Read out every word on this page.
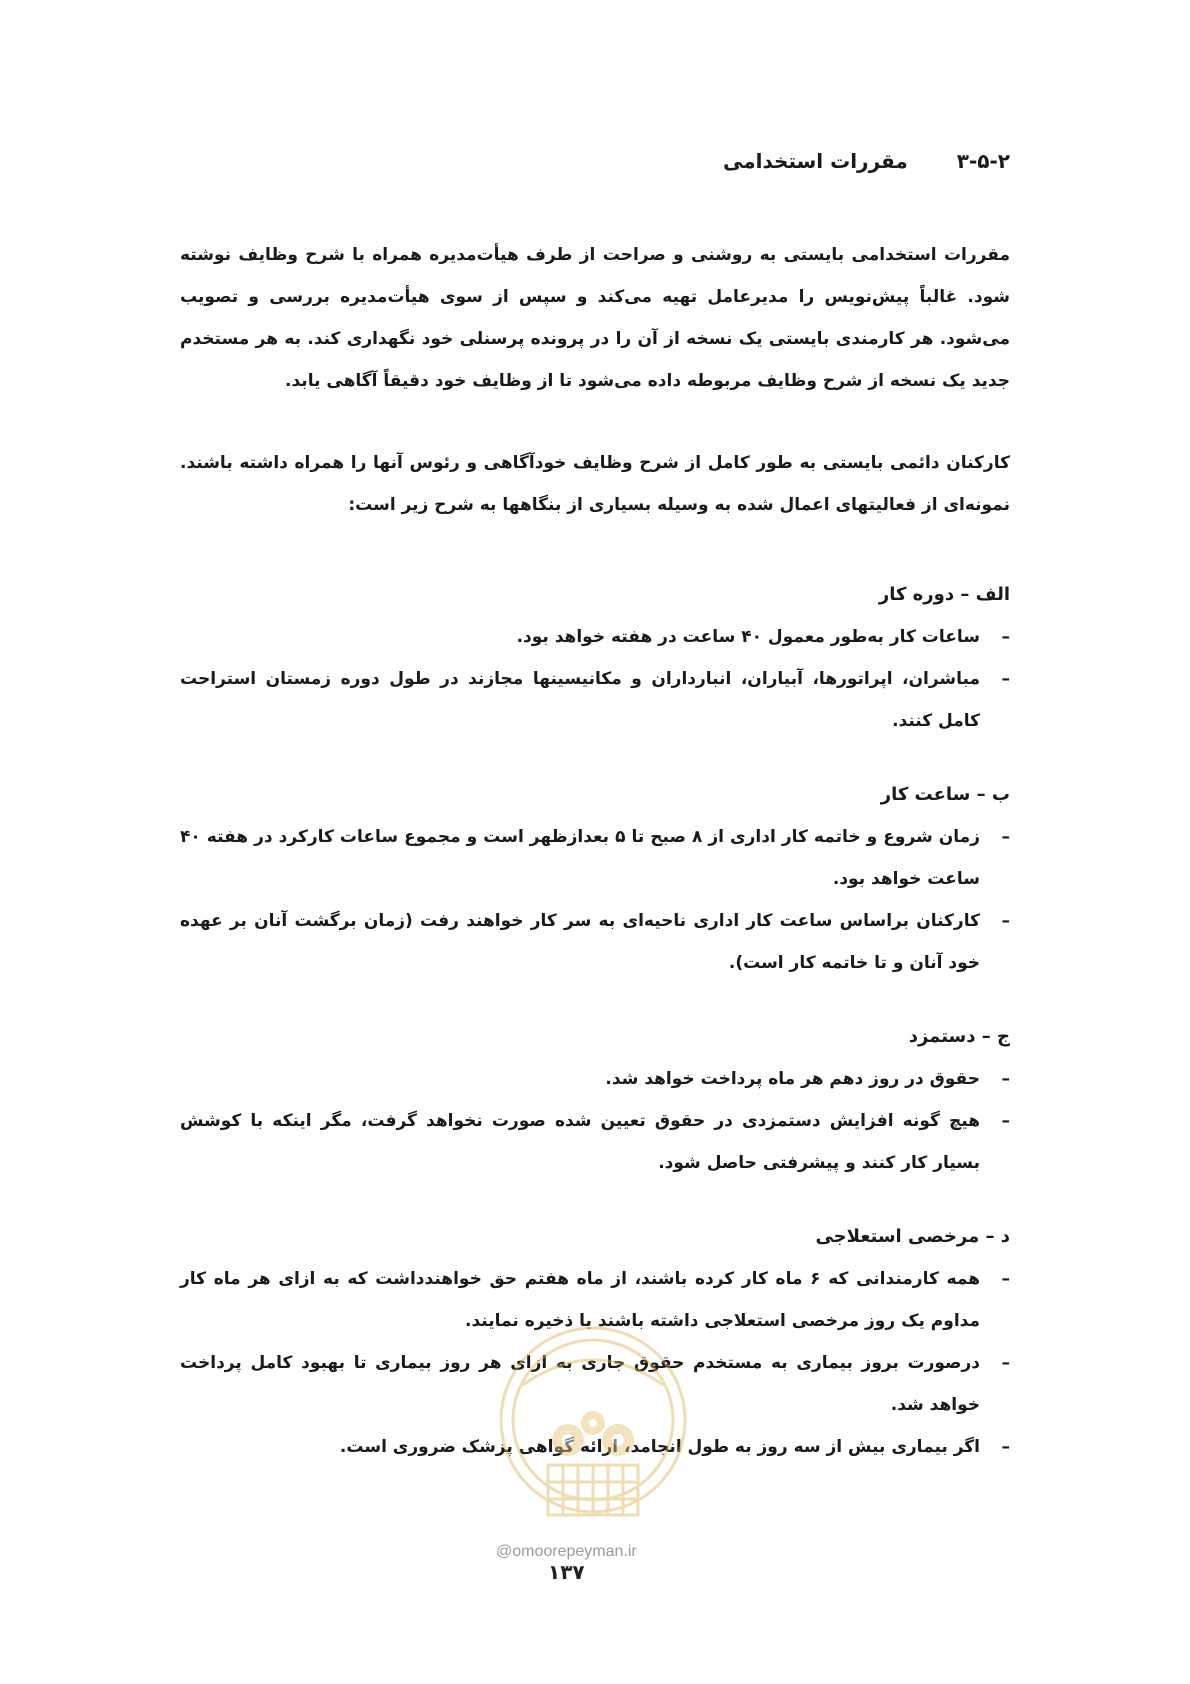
۳-۵-۲ مقررات استخدامی

مقررات استخدامی بایستی به روشنی و صراحت از طرف هیأت‌مدیره همراه با شرح وظایف نوشته شود. غالباً پیش‌نویس را مدیرعامل تهیه می‌کند و سپس از سوی هیأت‌مدیره بررسی و تصویب می‌شود. هر کارمندی بایستی یک نسخه از آن را در پرونده پرسنلی خود نگهداری کند. به هر مستخدم جدید یک نسخه از شرح وظایف مربوطه داده می‌شود تا از وظایف خود دقیقاً آگاهی یابد.

کارکنان دائمی بایستی به طور کامل از شرح وظایف خودآگاهی و رئوس آنها را همراه داشته باشند. نمونه‌ای از فعالیتهای اعمال شده به وسیله بسیاری از بنگاهها به شرح زیر است:

الف – دوره کار
– ساعات کار به‌طور معمول ۴۰ ساعت در هفته خواهد بود.
– مباشران، اپراتورها، آبیاران، انبارداران و مکانیسینها مجازند در طول دوره زمستان استراحت کامل کنند.
ب – ساعت کار
– زمان شروع و خاتمه کار اداری از ۸ صبح تا ۵ بعدازظهر است و مجموع ساعات کارکرد در هفته ۴۰ ساعت خواهد بود.
– کارکنان براساس ساعت کار اداری ناحیه‌ای به سر کار خواهند رفت (زمان برگشت آنان بر عهده خود آنان و تا خاتمه کار است).
ج – دستمزد
– حقوق در روز دهم هر ماه پرداخت خواهد شد.
– هیچ گونه افزایش دستمزدی در حقوق تعیین شده صورت نخواهد گرفت، مگر اینکه با کوشش بسیار کار کنند و پیشرفتی حاصل شود.
د – مرخصی استعلاجی
– همه کارمندانی که ۶ ماه کار کرده باشند، از ماه هفتم حق خواهندداشت که به ازای هر ماه کار مداوم یک روز مرخصی استعلاجی داشته باشند یا ذخیره نمایند.
– درصورت بروز بیماری به مستخدم حقوق جاری به ازای هر روز بیماری تا بهبود کامل پرداخت خواهد شد.
– اگر بیماری بیش از سه روز به طول انجامد، ارائه گواهی پزشک ضروری است.
@omoorepeyman.ir
۱۳۷
